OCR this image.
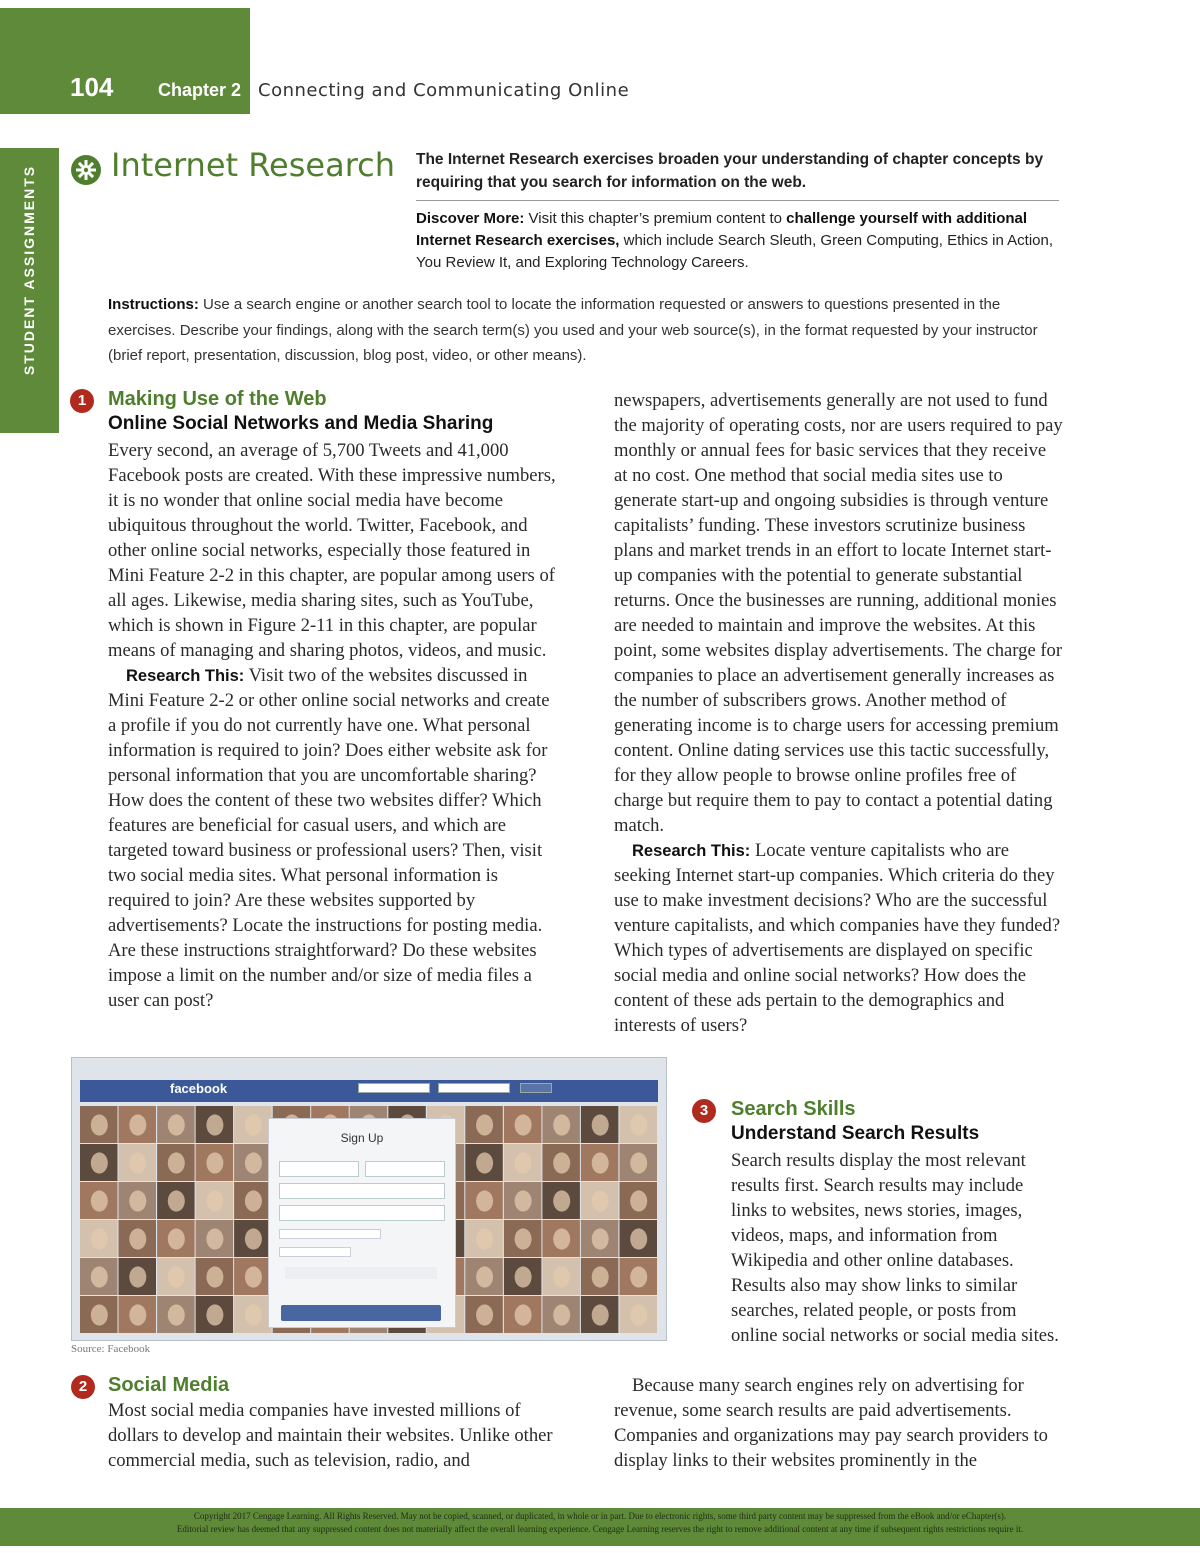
104 Chapter 2 Connecting and Communicating Online
STUDENT ASSIGNMENTS Internet Research The Internet Research exercises broaden your understanding of chapter concepts by requiring that you search for information on the web.
Discover More: Visit this chapter’s premium content to challenge yourself with additional Internet Research exercises, which include Search Sleuth, Green Computing, Ethics in Action, You Review It, and Exploring Technology Careers.
Instructions: Use a search engine or another search tool to locate the information requested or answers to questions presented in the exercises. Describe your findings, along with the search term(s) you used and your web source(s), in the format requested by your instructor (brief report, presentation, discussion, blog post, video, or other means).
1	Making Use of the Web
Online Social Networks and Media Sharing

Every second, an average of 5,700 Tweets and 41,000 Facebook posts are created. With these impressive numbers, it is no wonder that online social media have become ubiquitous throughout the world. Twitter, Facebook, and other online social networks, especially those featured in Mini Feature 2-2 in this chapter, are popular among users of all ages. Likewise, media sharing sites, such as YouTube, which is shown in Figure 2-11 in this chapter, are popular means of managing and sharing photos, videos, and music.

Research This: Visit two of the websites discussed in Mini Feature 2-2 or other online social networks and create a profile if you do not currently have one. What personal information is required to join? Does either website ask for personal information that you are uncomfortable sharing? How does the content of these two websites differ? Which features are beneficial for casual users, and which are targeted toward business or professional users? Then, visit two social media sites. What personal information is required to join? Are these websites supported by advertisements? Locate the instructions for posting media. Are these instructions straightforward? Do these websites impose a limit on the number and/or size of media files a user can post?

newspapers, advertisements generally are not used to fund the majority of operating costs, nor are users required to pay monthly or annual fees for basic services that they receive at no cost. One method that social media sites use to generate start-up and ongoing subsidies is through venture capitalists’ funding. These investors scrutinize business plans and market trends in an effort to locate Internet start-up companies with the potential to generate substantial returns. Once the businesses are running, additional monies are needed to maintain and improve the websites. At this point, some websites display advertisements. The charge for companies to place an advertisement generally increases as the number of subscribers grows. Another method of generating income is to charge users for accessing premium content. Online dating services use this tactic successfully, for they allow people to browse online profiles free of charge but require them to pay to contact a potential dating match.

Research This: Locate venture capitalists who are seeking Internet start-up companies. Which criteria do they use to make investment decisions? Who are the successful venture capitalists, and which companies have they funded? Which types of advertisements are displayed on specific social media and online social networks? How does the content of these ads pertain to the demographics and interests of users?

facebook
Sign Up
Source: Facebook
2	Social Media

Most social media companies have invested millions of dollars to develop and maintain their websites. Unlike other commercial media, such as television, radio, and

3	Search Skills
Understand Search Results

Search results display the most relevant results first. Search results may include links to websites, news stories, images, videos, maps, and information from Wikipedia and other online databases. Results also may show links to similar searches, related people, or posts from online social networks or social media sites.

Because many search engines rely on advertising for revenue, some search results are paid advertisements. Companies and organizations may pay search providers to display links to their websites prominently in the

Copyright 2017 Cengage Learning. All Rights Reserved. May not be copied, scanned, or duplicated, in whole or in part. Due to electronic rights, some third party content may be suppressed from the eBook and/or eChapter(s).
Editorial review has deemed that any suppressed content does not materially affect the overall learning experience. Cengage Learning reserves the right to remove additional content at any time if subsequent rights restrictions require it.
